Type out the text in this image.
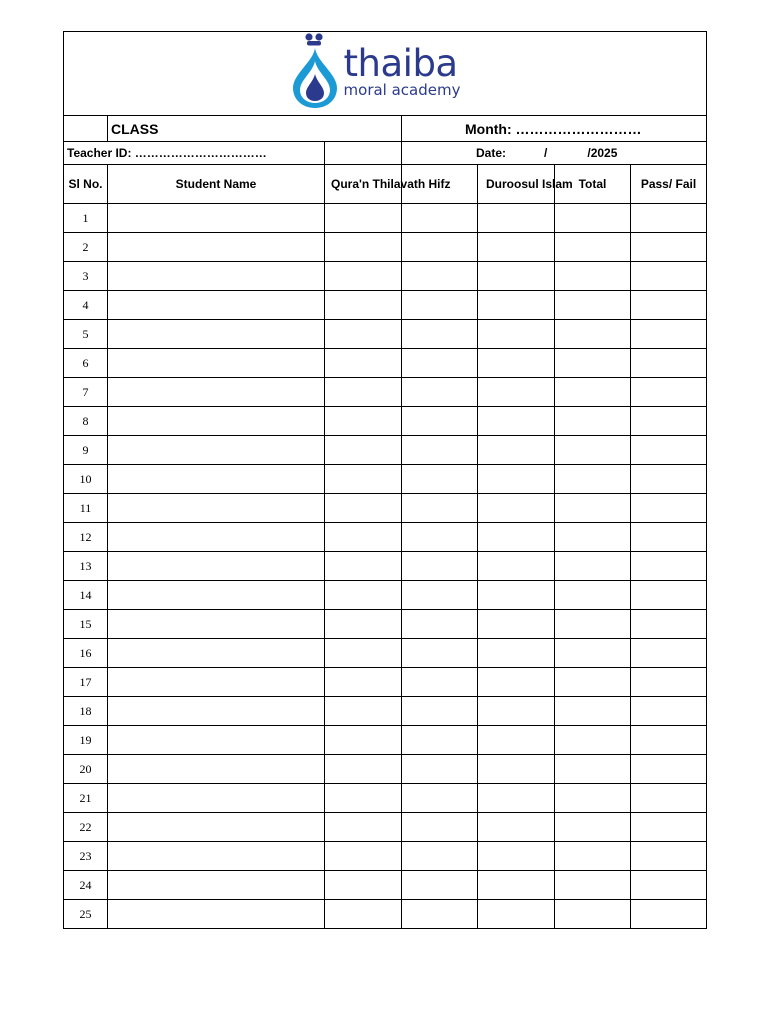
thaiba
moral academy						

	CLASS		Month: ………………………			
Teacher ID: ……………………………			Date: / /2025			
Sl No.	Student Name	Qura'n Thilavath	Hifz	Duroosul Islam	Total	Pass/ Fail
1						
2						
3						
4						
5						
6						
7						
8						
9						
10						
11						
12						
13						
14						
15						
16						
17						
18						
19						
20						
21						
22						
23						
24						
25						
